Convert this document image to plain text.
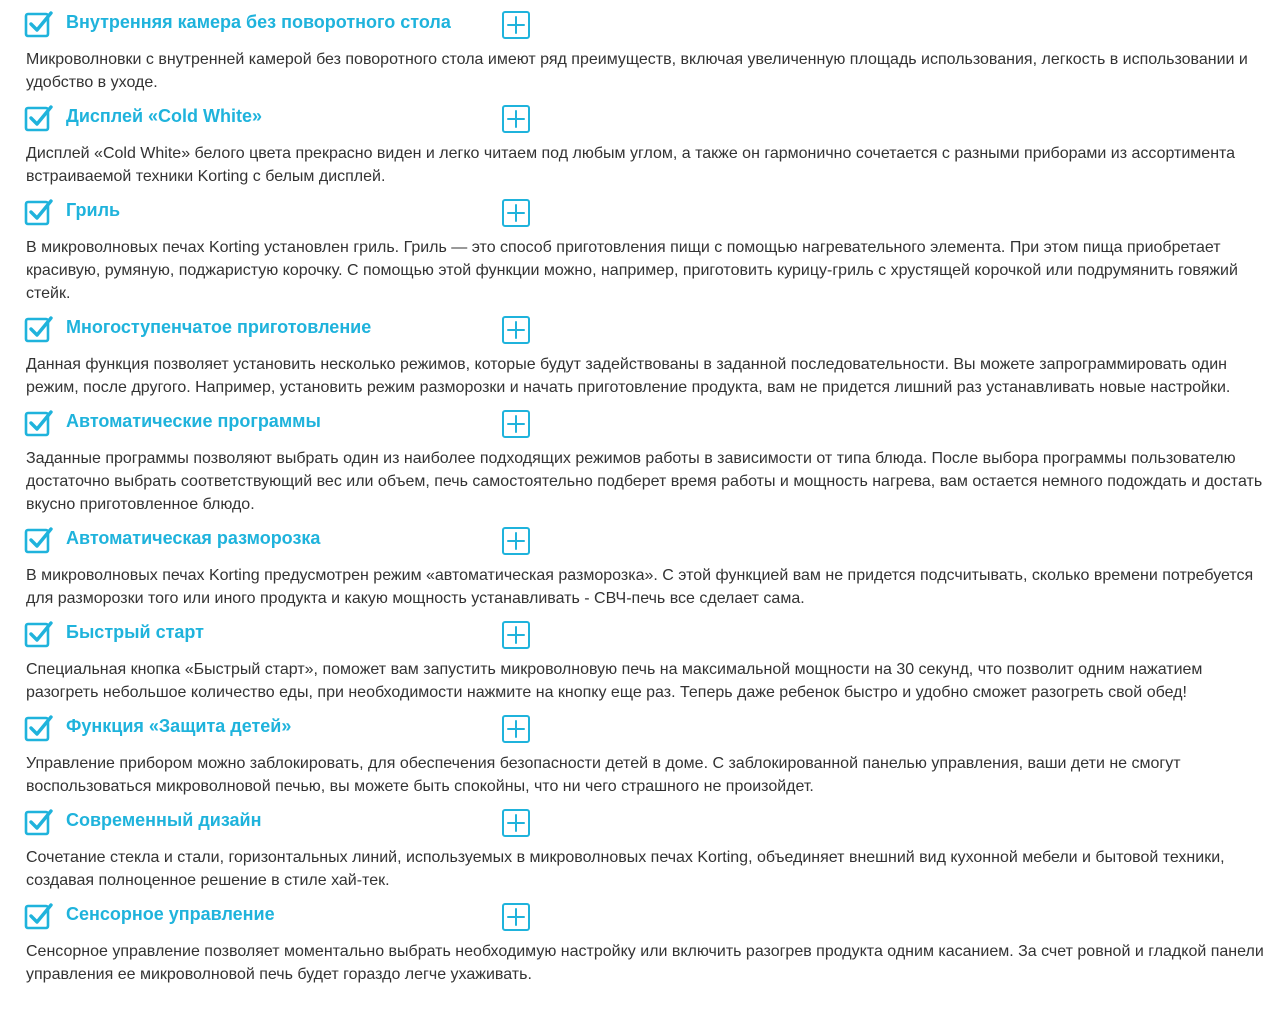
Внутренняя камера без поворотного стола

Микроволновки с внутренней камерой без поворотного стола имеют ряд преимуществ, включая увеличенную площадь использования, легкость в использовании и удобство в уходе.

Дисплей «Cold White»

Дисплей «Cold White» белого цвета прекрасно виден и легко читаем под любым углом, а также он гармонично сочетается с разными приборами из ассортимента встраиваемой техники Korting с белым дисплей.

Гриль

В микроволновых печах Korting установлен гриль. Гриль — это способ приготовления пищи с помощью нагревательного элемента. При этом пища приобретает красивую, румяную, поджаристую корочку. С помощью этой функции можно, например, приготовить курицу-гриль с хрустящей корочкой или подрумянить говяжий стейк.

Многоступенчатое приготовление

Данная функция позволяет установить несколько режимов, которые будут задействованы в заданной последовательности. Вы можете запрограммировать один режим, после другого. Например, установить режим разморозки и начать приготовление продукта, вам не придется лишний раз устанавливать новые настройки.

Автоматические программы

Заданные программы позволяют выбрать один из наиболее подходящих режимов работы в зависимости от типа блюда. После выбора программы пользователю достаточно выбрать соответствующий вес или объем, печь самостоятельно подберет время работы и мощность нагрева, вам остается немного подождать и достать вкусно приготовленное блюдо.

Автоматическая разморозка

В микроволновых печах Korting предусмотрен режим «автоматическая разморозка». С этой функцией вам не придется подсчитывать, сколько времени потребуется для разморозки того или иного продукта и какую мощность устанавливать - СВЧ-печь все сделает сама.

Быстрый старт

Специальная кнопка «Быстрый старт», поможет вам запустить микроволновую печь на максимальной мощности на 30 секунд, что позволит одним нажатием разогреть небольшое количество еды, при необходимости нажмите на кнопку еще раз. Теперь даже ребенок быстро и удобно сможет разогреть свой обед!

Функция «Защита детей»

Управление прибором можно заблокировать, для обеспечения безопасности детей в доме. С заблокированной панелью управления, ваши дети не смогут воспользоваться микроволновой печью, вы можете быть спокойны, что ни чего страшного не произойдет.

Современный дизайн

Сочетание стекла и стали, горизонтальных линий, используемых в микроволновых печах Korting, объединяет внешний вид кухонной мебели и бытовой техники, создавая полноценное решение в стиле хай-тек.

Сенсорное управление

Сенсорное управление позволяет моментально выбрать необходимую настройку или включить разогрев продукта одним касанием. За счет ровной и гладкой панели управления ее микроволновой печь будет гораздо легче ухаживать.
